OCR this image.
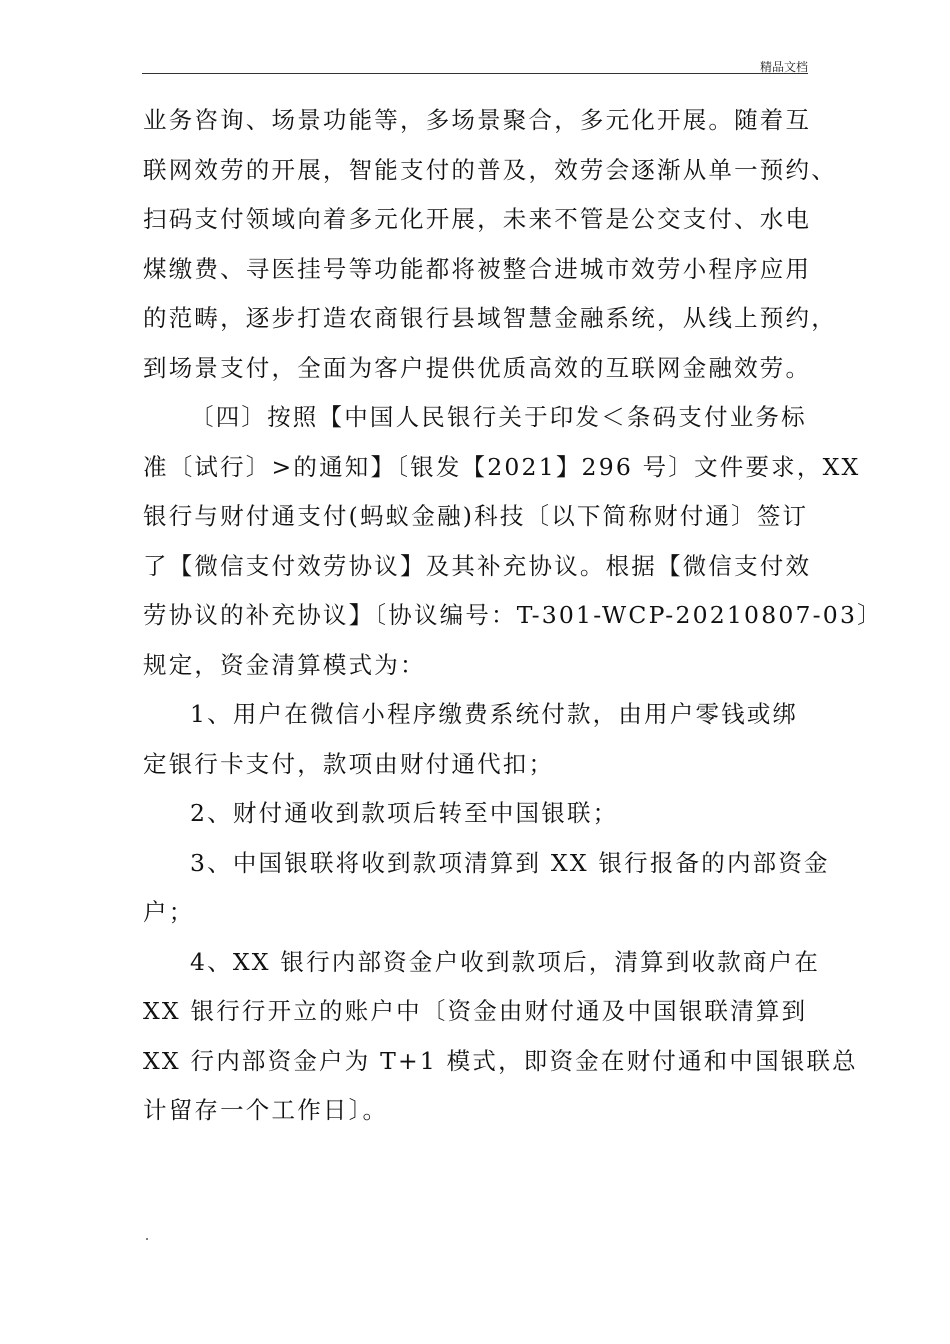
精品文档
业务咨询、场景功能等，多场景聚合，多元化开展。随着互
联网效劳的开展，智能支付的普及，效劳会逐渐从单一预约、
扫码支付领域向着多元化开展，未来不管是公交支付、水电
煤缴费、寻医挂号等功能都将被整合进城市效劳小程序应用
的范畴，逐步打造农商银行县域智慧金融系统，从线上预约，
到场景支付，全面为客户提供优质高效的互联网金融效劳。
〔四〕按照【中国人民银行关于印发＜条码支付业务标
准〔试行〕>的通知】〔银发【2021】296 号〕文件要求，XX
银行与财付通支付(蚂蚁金融)科技〔以下简称财付通〕签订
了【微信支付效劳协议】及其补充协议。根据【微信支付效
劳协议的补充协议】〔协议编号：T-301-WCP-20210807-03〕
规定，资金清算模式为：
1、用户在微信小程序缴费系统付款，由用户零钱或绑
定银行卡支付，款项由财付通代扣；
2、财付通收到款项后转至中国银联；
3、中国银联将收到款项清算到 XX 银行报备的内部资金
户；
4、XX 银行内部资金户收到款项后，清算到收款商户在
XX 银行行开立的账户中〔资金由财付通及中国银联清算到
XX 行内部资金户为 T+1 模式，即资金在财付通和中国银联总
计留存一个工作日〕。
